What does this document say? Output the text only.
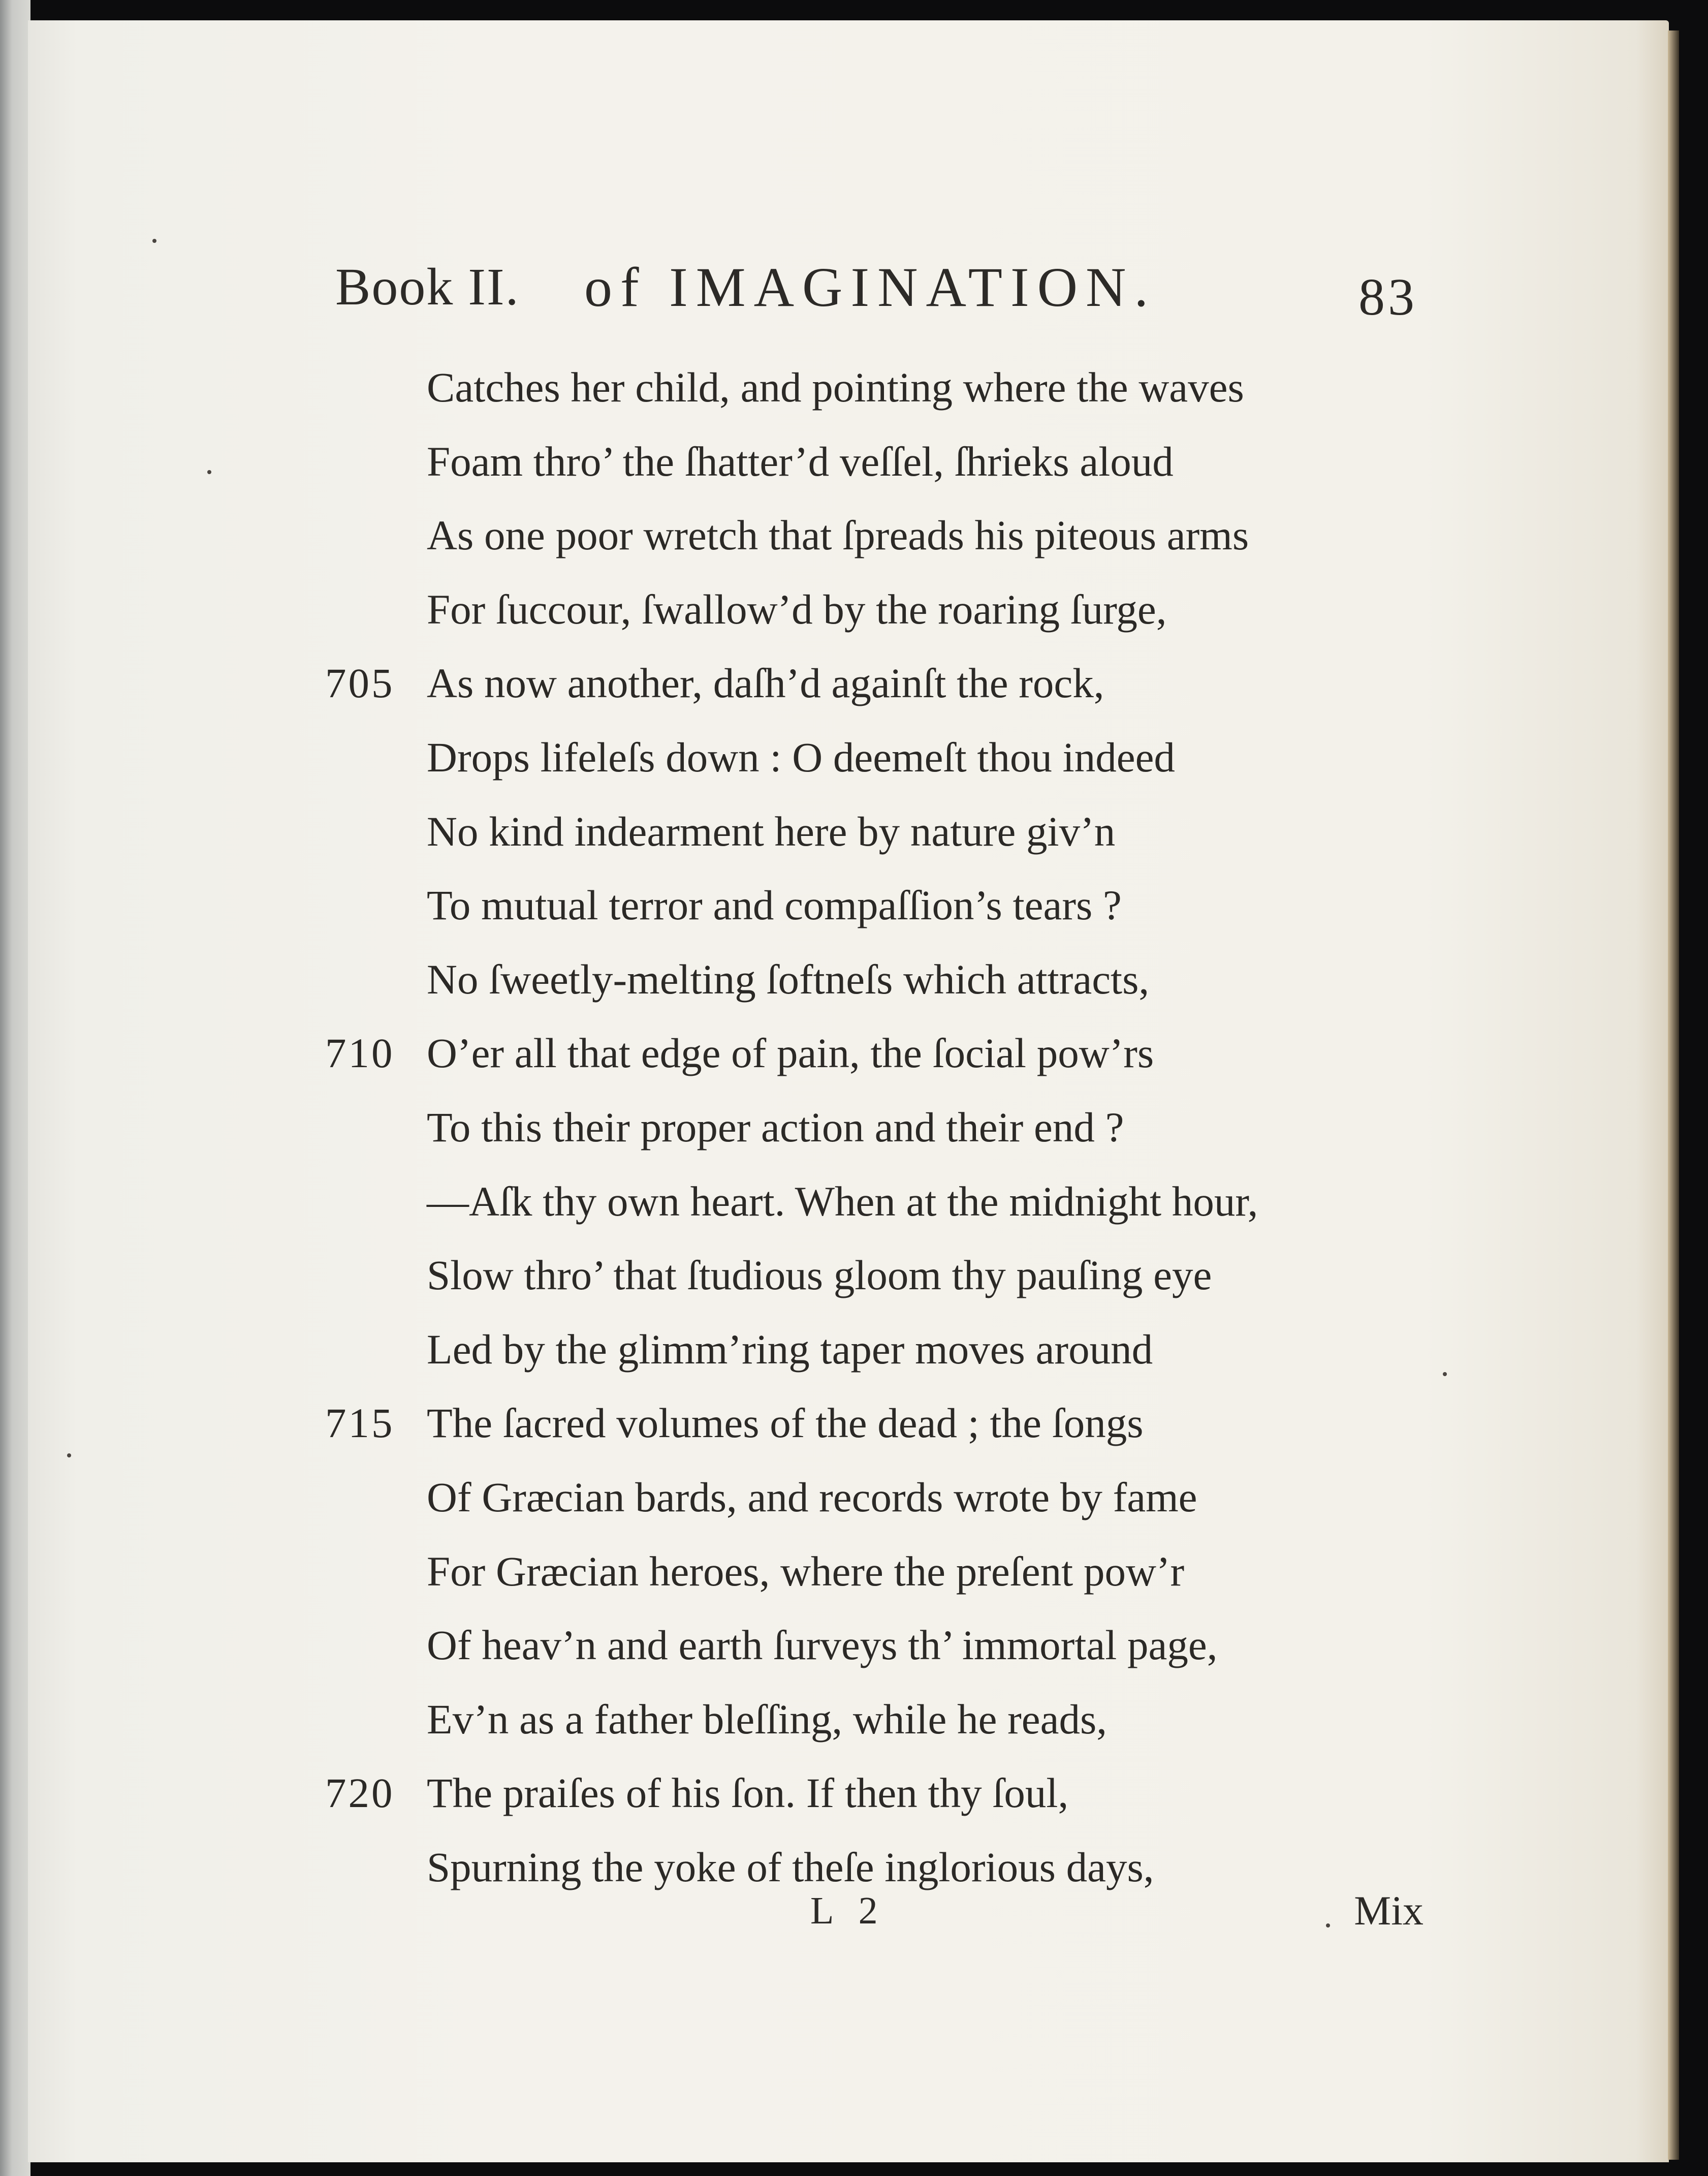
Book II. of IMAGINATION.	83
Catches her child, and pointing where the waves
Foam thro’ the ſhatter’d veſſel, ſhrieks aloud
As one poor wretch that ſpreads his piteous arms
For ſuccour, ſwallow’d by the roaring ſurge,
705 As now another, daſh’d againſt the rock,
Drops lifeleſs down : O deemeſt thou indeed
No kind indearment here by nature giv’n
To mutual terror and compaſſion’s tears ?
No ſweetly-melting ſoftneſs which attracts,
710 O’er all that edge of pain, the ſocial pow’rs
To this their proper action and their end ?
—Aſk thy own heart. When at the midnight hour,
Slow thro’ that ſtudious gloom thy pauſing eye
Led by the glimm’ring taper moves around
715 The ſacred volumes of the dead ; the ſongs
Of Græcian bards, and records wrote by fame
For Græcian heroes, where the preſent pow’r
Of heav’n and earth ſurveys th’ immortal page,
Ev’n as a father bleſſing, while he reads,
720 The praiſes of his ſon. If then thy ſoul,
Spurning the yoke of theſe inglorious days,
L 2	Mix
